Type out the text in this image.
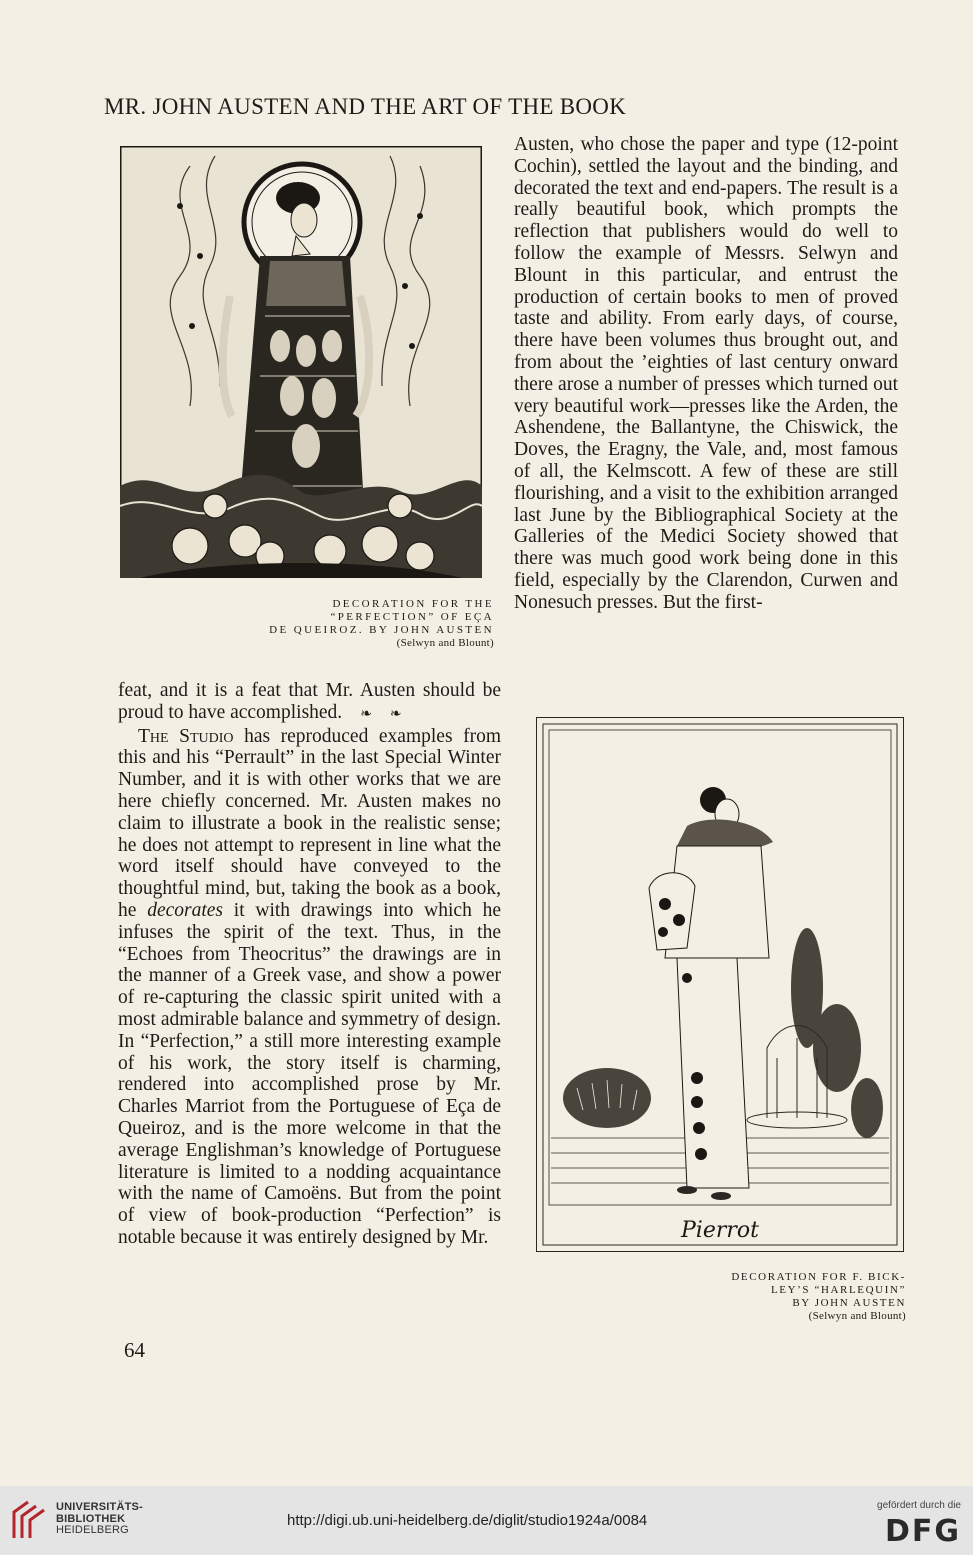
MR. JOHN AUSTEN AND THE ART OF THE BOOK
DECORATION FOR THE
“PERFECTION” OF EÇA
DE QUEIROZ. BY JOHN AUSTEN
(Selwyn and Blount)

feat, and it is a feat that Mr. Austen should be proud to have accomplished. ❧ ❧

The Studio has reproduced examples from this and his “Perrault” in the last Special Winter Number, and it is with other works that we are here chiefly concerned. Mr. Austen makes no claim to illustrate a book in the realistic sense; he does not attempt to represent in line what the word itself should have conveyed to the thoughtful mind, but, taking the book as a book, he decorates it with drawings into which he infuses the spirit of the text. Thus, in the “Echoes from Theocritus” the drawings are in the manner of a Greek vase, and show a power of re-capturing the classic spirit united with a most admirable balance and symmetry of design. In “Perfection,” a still more interesting example of his work, the story itself is charming, rendered into accomplished prose by Mr. Charles Marriot from the Portuguese of Eça de Queiroz, and is the more welcome in that the average Englishman’s knowledge of Portuguese literature is limited to a nodding acquaintance with the name of Camoëns. But from the point of view of book-production “Perfection” is notable because it was entirely designed by Mr.

64

Austen, who chose the paper and type (12-point Cochin), settled the layout and the binding, and decorated the text and end-papers. The result is a really beautiful book, which prompts the reflection that publishers would do well to follow the example of Messrs. Selwyn and Blount in this particular, and entrust the production of certain books to men of proved taste and ability. From early days, of course, there have been volumes thus brought out, and from about the ’eighties of last century onward there arose a number of presses which turned out very beautiful work—presses like the Arden, the Ashendene, the Ballantyne, the Chiswick, the Doves, the Eragny, the Vale, and, most famous of all, the Kelmscott. A few of these are still flourishing, and a visit to the exhibition arranged last June by the Bibliographical Society at the Galleries of the Medici Society showed that there was much good work being done in this field, especially by the Clarendon, Curwen and Nonesuch presses. But the first-

Pierrot
DECORATION FOR F. BICK-
LEY’S “HARLEQUIN”
BY JOHN AUSTEN
(Selwyn and Blount)
UNIVERSITÄTS-
BIBLIOTHEK
HEIDELBERG
http://digi.ub.uni-heidelberg.de/diglit/studio1924a/0084
gefördert durch die
DFG
